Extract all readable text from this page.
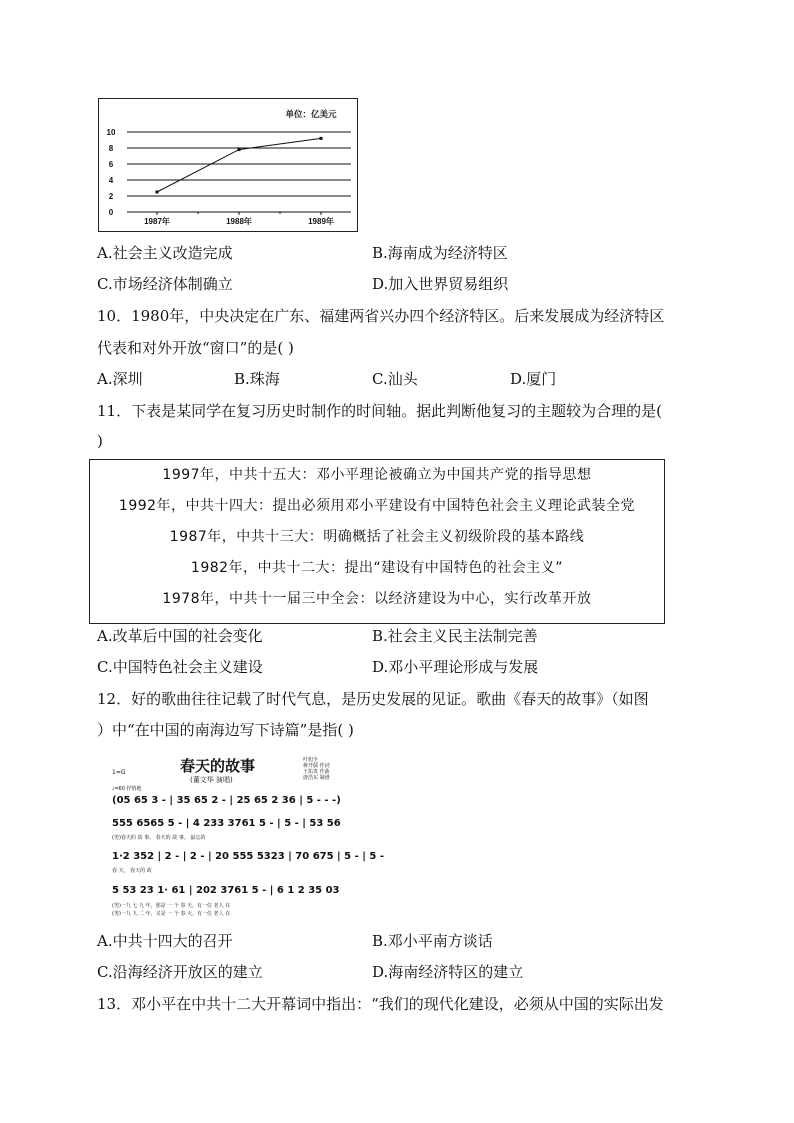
0
2
4
6
8
10
1987年	1988年	1989年
单位：亿美元
A.社会主义改造完成	B.海南成为经济特区
C.市场经济体制确立	D.加入世界贸易组织
10．1980年，中央决定在广东、福建两省兴办四个经济特区。后来发展成为经济特区
代表和对外开放“窗口”的是( )
A.深圳	B.珠海	C.汕头	D.厦门
11．下表是某同学在复习历史时制作的时间轴。据此判断他复习的主题较为合理的是(
)
1997年，中共十五大：邓小平理论被确立为中国共产党的指导思想
1992年，中共十四大：提出必须用邓小平建设有中国特色社会主义理论武装全党
1987年，中共十三大：明确概括了社会主义初级阶段的基本路线
1982年，中共十二大：提出“建设有中国特色的社会主义”
1978年，中共十一届三中全会：以经济建设为中心，实行改革开放
A.改革后中国的社会变化	B.社会主义民主法制完善
C.中国特色社会主义建设	D.邓小平理论形成与发展
12．好的歌曲往往记载了时代气息，是历史发展的见证。歌曲《春天的故事》（如图
）中“在中国的南海边写下诗篇”是指( )
春天的故事
(董文华 演唱)
叶旭全
蒋开儒 作词
王佑贵 作曲
唐浩东 制谱
1=G
♩=60 抒情地
(05 65 3 - | 35 65 2 - | 25 65 2 36 | 5 - - -)
555 6565 5 - | 4 233 3761 5 - | 5 - | 53 56
(男)春天的 故 事。 春天的 故 事。 最忘的
1·2 352 | 2 - | 2 - | 20 555 5323 | 70 675 | 5 - | 5 -
春 天， 春天的 故
5 53 23 1· 61 | 202 3761 5 - | 6 1 2 35 03
(男)一九 七 九 年，那是 一 个 春 天，有一位 老人 在
(男)一九 九 二 年，又是 一 个 春 天，有一位 老人 在
A.中共十四大的召开	B.邓小平南方谈话
C.沿海经济开放区的建立	D.海南经济特区的建立
13．邓小平在中共十二大开幕词中指出：“我们的现代化建设，必须从中国的实际出发
